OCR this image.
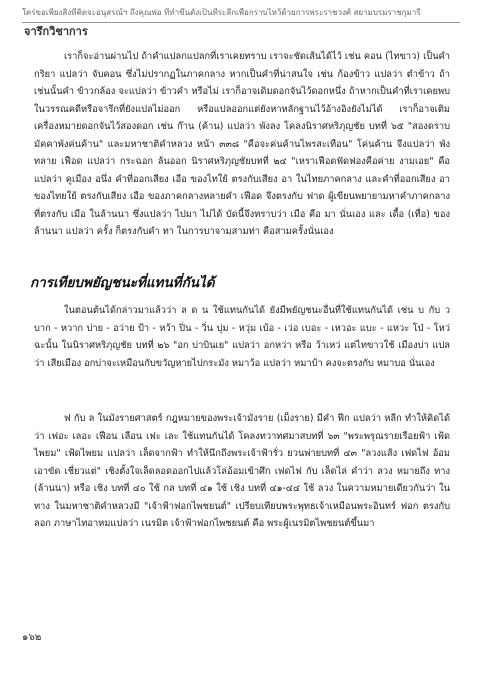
ใคร่ขอเพียงสิ่งที่คิดจะอนุสรณ์ฯ ถึงคุณพ่อ ที่ทำขึ้นตั้งเป็นที่ระลึกเพื่อกราบไหว้ด้วยการพระราชวงศ์ สยามบรมราชกุมารี
จารึกวิชาการ

เราก็จะอ่านผ่านไป ถ้าคำแปลกแปลกที่เราเคยทราบ เราจะชัดเส้นได้ไว้ เช่น คอน (ไทขาว) เป็นคำกริยา แปลว่า จับคอน ซึ่งไม่ปรากฏในภาคกลาง หากเป็นคำที่น่าสนใจ เช่น ก้องข้าว แปลว่า ตำข้าว ถ้าเช่นนั้นคำ ข้าวกล้อง จะแปลว่า ข้าวคำ หรือไม่ เราก็อาจเดิมดอกจันไว้ดอกหนึ่ง ถ้าหากเป็นคำที่เราเคยพบในวรรณคดีหรือจารึกที่ยังแปลไม่ออก หรือแปลออกแต่ยังหาหลักฐานไว้อ้างอิงยังไม่ได้ เราก็อาจเติมเครื่องหมายดอกจันไว้สองดอก เช่น ก๊าน (ค้าน) แปลว่า พังลง โคลงนิราศหริภุญชัย บทที่ ๖๕ "สองดราบมัคคาพังค่นค้าน" และมหาชาติคำหลวง หน้า ๓๓๘ "คือจะค่นค้านไพรสะเทือน" โค่นค้าน จึงแปลว่า พังทลาย เฟือด แปลว่า กระฉอก ล้นออก นิราศหริภุญชัยบทที่ ๒๔ "เหราเฟือดฟัดฟองคือค่าย งามเอย" คือ แปลว่า คูเมือง อนึ่ง คำที่ออกเสียง เอือ ของไทใย้ ตรงกับเสียง อา ในไทยภาคกลาง และคำที่ออกเสียง อา ของไทยใย้ ตรงกับเสียง เอือ ของภาคกลางหลายคำ เฟือด จึงตรงกับ ฟาด ผู้เขียนพยายามหาคำภาคกลางที่ตรงกับ เมือ ในล้านนา ซึ่งแปลว่า ไปมา ไม่ได้ บัดนี้จึงทราบว่า เมือ คือ มา นั่นเอง และ เดื้อ (เทื่อ) ของล้านนา แปลว่า ครั้ง ก็ตรงกับคำ ทา ในการบาจามสามท่า คือสามครั้งนั่นเอง

การเทียบพยัญชนะที่แทนที่กันได้

ในตอนต้นได้กล่าวมาแล้วว่า ล ด น ใช้แทนกันได้ ยังมีพยัญชนะอื่นที่ใช้แทนกันได้ เช่น บ กับ ว บาก - หวาก บ่าย - อว่าย ป้า - หว้า ปิ่น - วิ่น บุ่ม - หวุ่ม เบ้อ - เว่อ เบอะ - เหวอะ แบะ - แหวะ โป่ - โหว่ ฉะนั้น ในนิราศหริภุญชัย บทที่ ๒๖ "อก บ่าบินเย" แปลว่า อกหว่า หรือ ว้าเหว่ แต่ไทขาวใช้ เมืองบ่า แปลว่า เสียเมือง อกบ่าจะเหมือนกับขวัญหายไปกระมัง หมาว้อ แปลว่า หมาบ้า คงจะตรงกับ หมาบอ นั่นเอง

ฟ กับ ล ในมังรายศาสตร์ กฎหมายของพระเจ้ามังราย (เม็งราย) มีคำ ฟีก แปลว่า หลีก ทำให้คิดได้ว่า เฟอะ เลอะ เฟือน เลือน เฟะ เละ ใช้แทนกันได้ โคลงทวาทศมาสบทที่ ๖๓ "พระพรุณรายเรือยฟ้า เฟ้ดไพยม" เฟ้ดไพยม แปลว่า เล็ดจากฟ้า ทำให้นึกถึงพระเจ้าฟ้ารั่ว ยวนพ่ายบทที่ ๔๓ "ลวงแส้ง เฟดไฟ อ้อมเอาขัด เชี่ยวแต่" เชิงตั้งใจเล็ดลอดออกไปแล้วโล่อ้อมเข้าศึก เฟดไฟ กับ เล็ดไล่ คำว่า ลวง หมายถึง ทาง (ล้านนา) หรือ เชิง บทที่ ๔๐ ใช้ กล บทที่ ๔๑ ใช้ เชิง บทที่ ๔๑-๔๔ ใช้ ลวง ในความหมายเดียวกันว่า ในทาง ในมหาชาติคำหลวงมี "เจ้าฟ้าฟอกไพชยนต์" เปรียบเทียบพระพุทธเจ้าเหมือนพระอินทร์ ฟอก ตรงกับ ลอก ภาษาไทอาหมแปลว่า เนรมิต เจ้าฟ้าฟอกไพชยนต์ คือ พระผู้เนรมิตไพชยนต์ขึ้นมา

๑๖๒
